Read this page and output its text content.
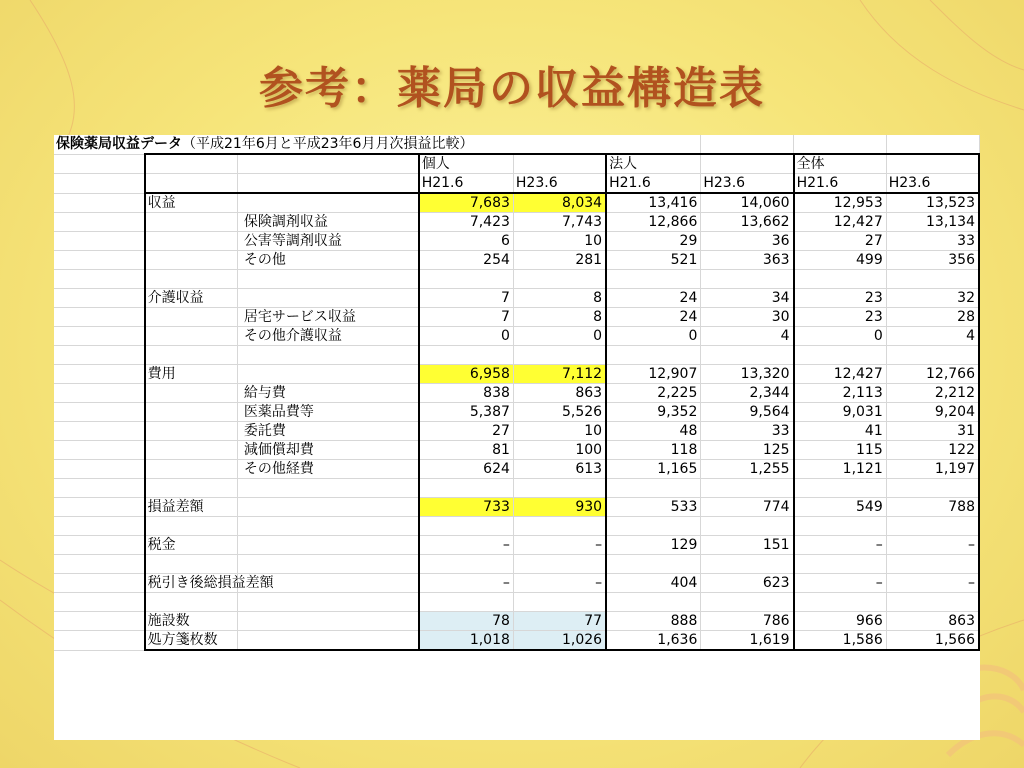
参考：薬局の収益構造表
保険薬局収益データ（平成21年6月と平成23年6月月次損益比較）								
			個人		法人		全体	
			H21.6	H23.6	H21.6	H23.6	H21.6	H23.6
	収益		7,683	8,034	13,416	14,060	12,953	13,523
		保険調剤収益	7,423	7,743	12,866	13,662	12,427	13,134
		公害等調剤収益	6	10	29	36	27	33
		その他	254	281	521	363	499	356

	介護収益		7	8	24	34	23	32
		居宅サービス収益	7	8	24	30	23	28
		その他介護収益	0	0	0	4	0	4

	費用		6,958	7,112	12,907	13,320	12,427	12,766
		給与費	838	863	2,225	2,344	2,113	2,212
		医薬品費等	5,387	5,526	9,352	9,564	9,031	9,204
		委託費	27	10	48	33	41	31
		減価償却費	81	100	118	125	115	122
		その他経費	624	613	1,165	1,255	1,121	1,197

	損益差額		733	930	533	774	549	788

	税金		–	–	129	151	–	–

	税引き後総損益差額		–	–	404	623	–	–

	施設数		78	77	888	786	966	863
	処方箋枚数		1,018	1,026	1,636	1,619	1,586	1,566
